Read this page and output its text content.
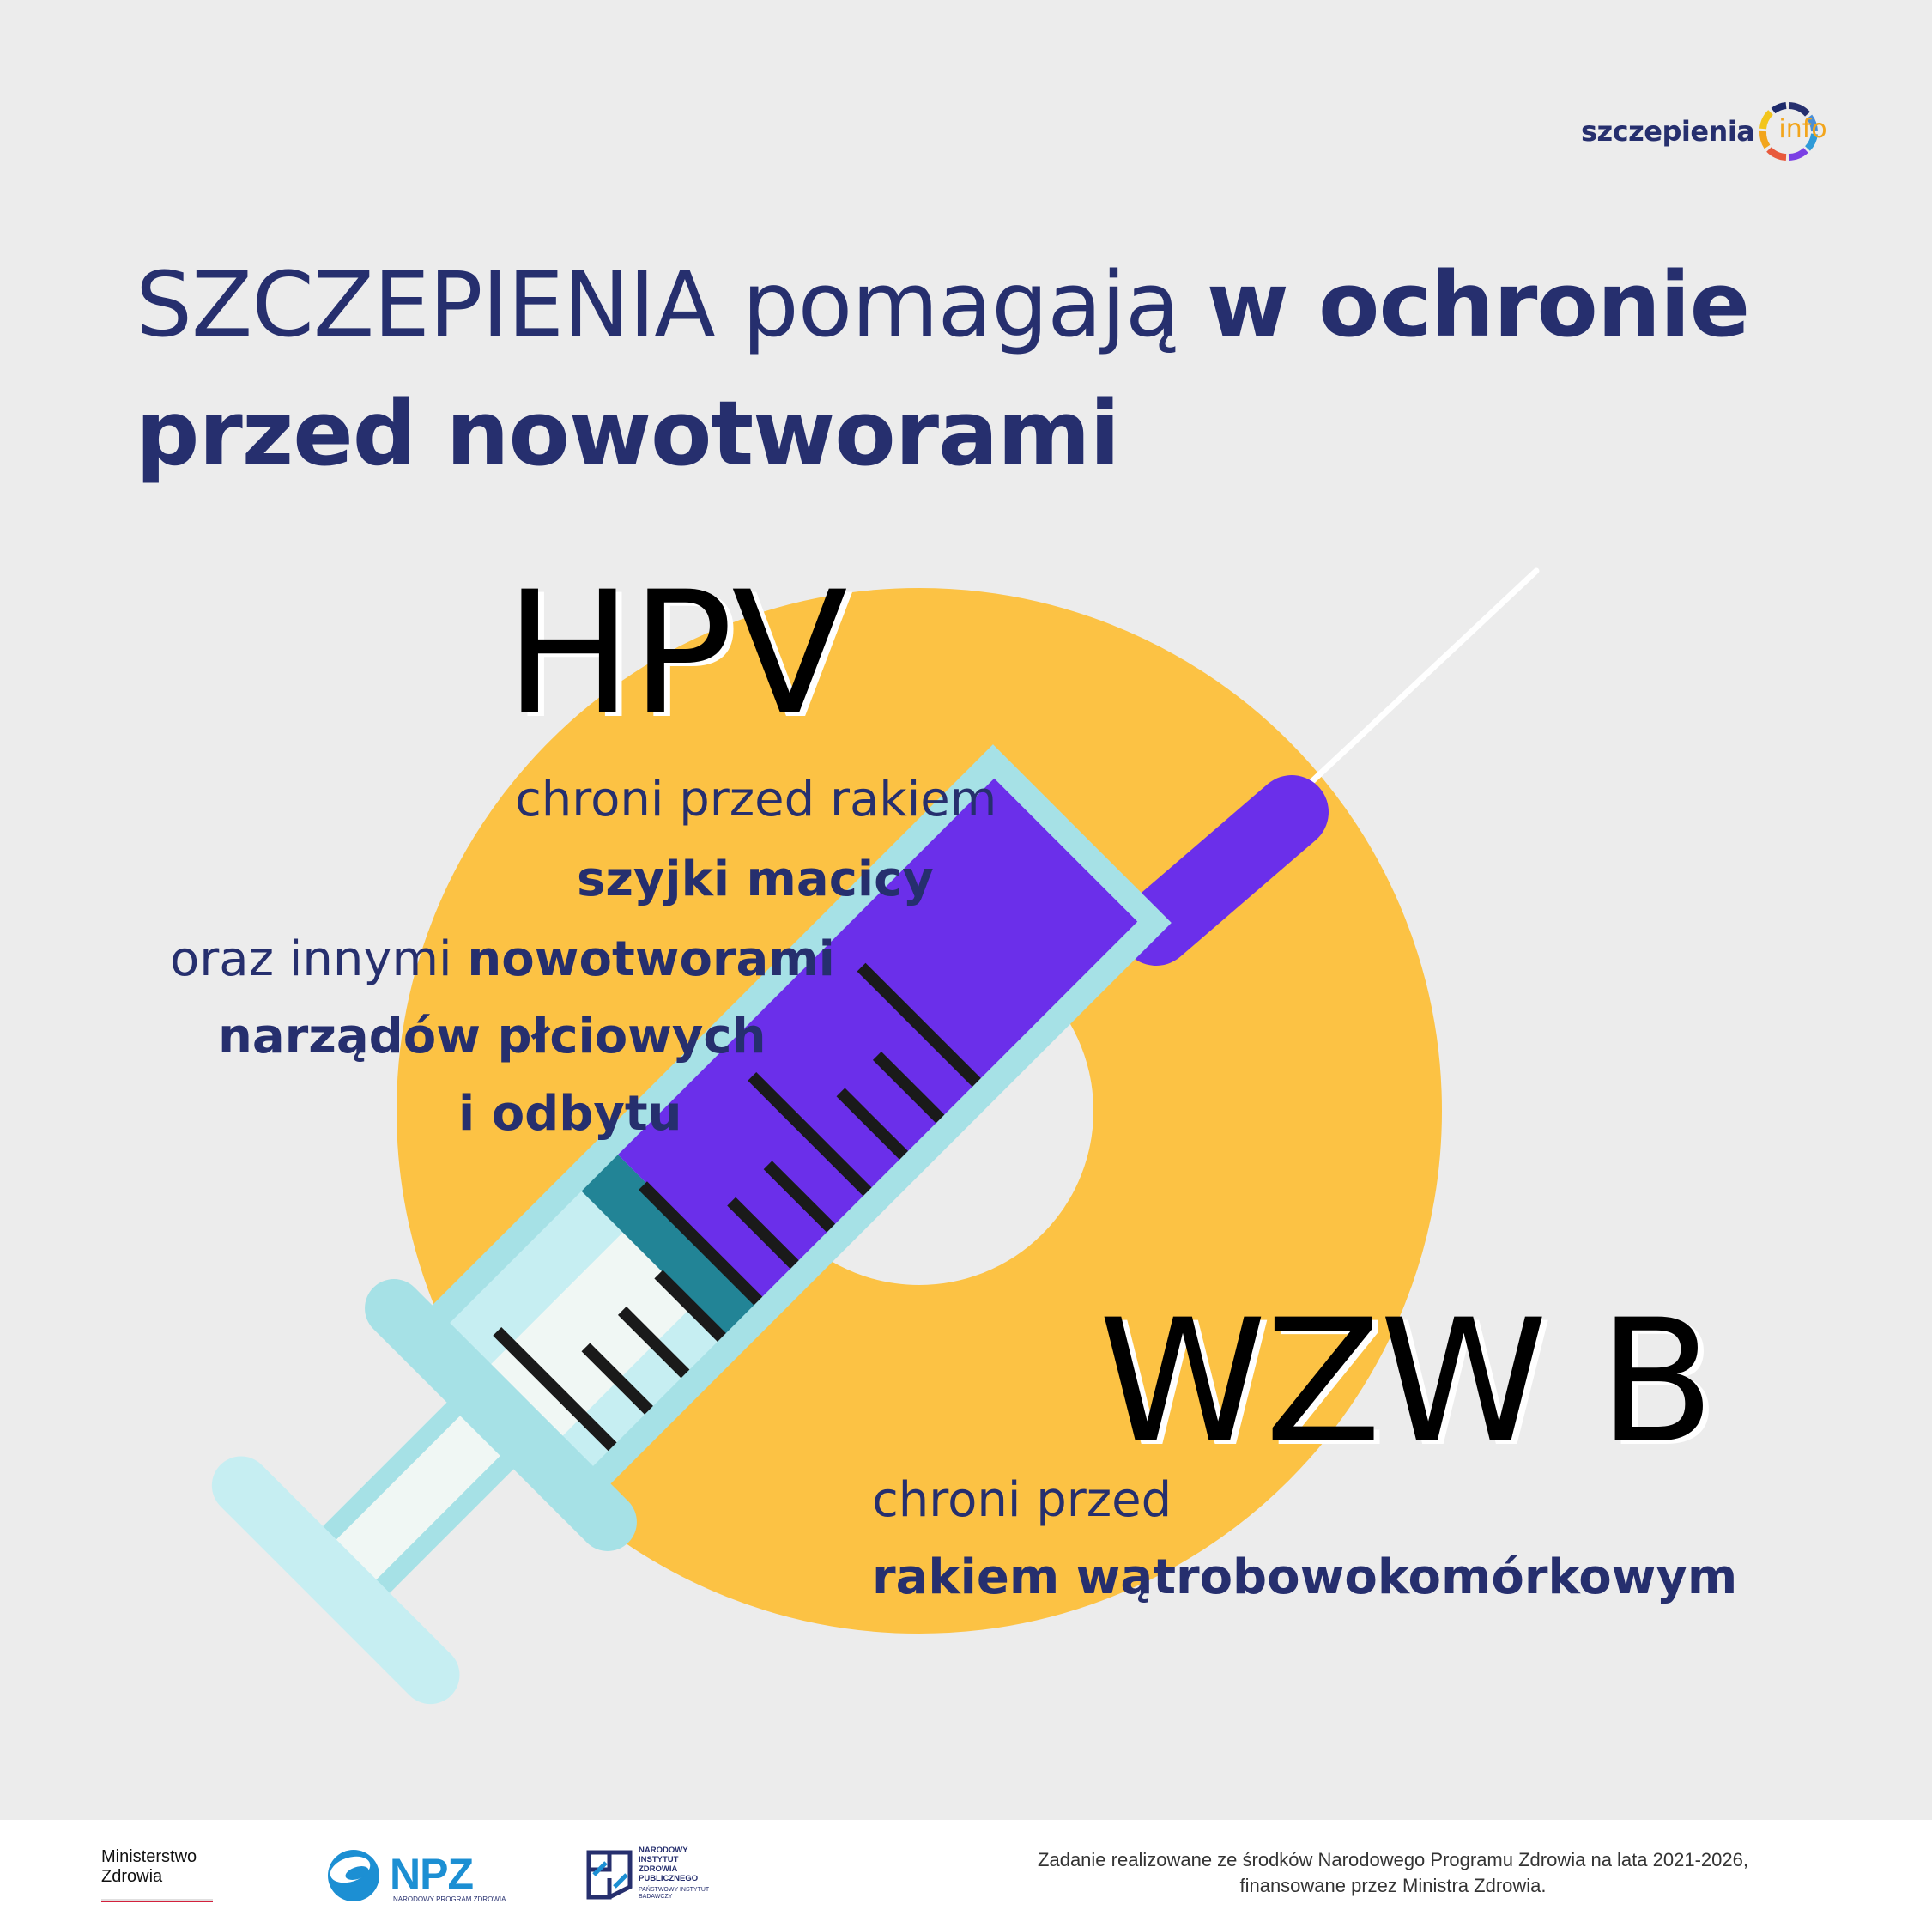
szczepienia info
SZCZEPIENIA pomagają w ochronie
przed nowotworami
HPV
chroni przed rakiem
szyjki macicy
oraz innymi nowotworami
narządów płciowych
i odbytu
WZW B
chroni przed
rakiem wątrobowokomórkowym
Ministerstwo
Zdrowia	NPZ
NARODOWY PROGRAM ZDROWIA
NARODOWY
INSTYTUT
ZDROWIA
PUBLICZNEGO
PAŃSTWOWY INSTYTUT
BADAWCZY
Zadanie realizowane ze środków Narodowego Programu Zdrowia na lata 2021-2026,
finansowane przez Ministra Zdrowia.
